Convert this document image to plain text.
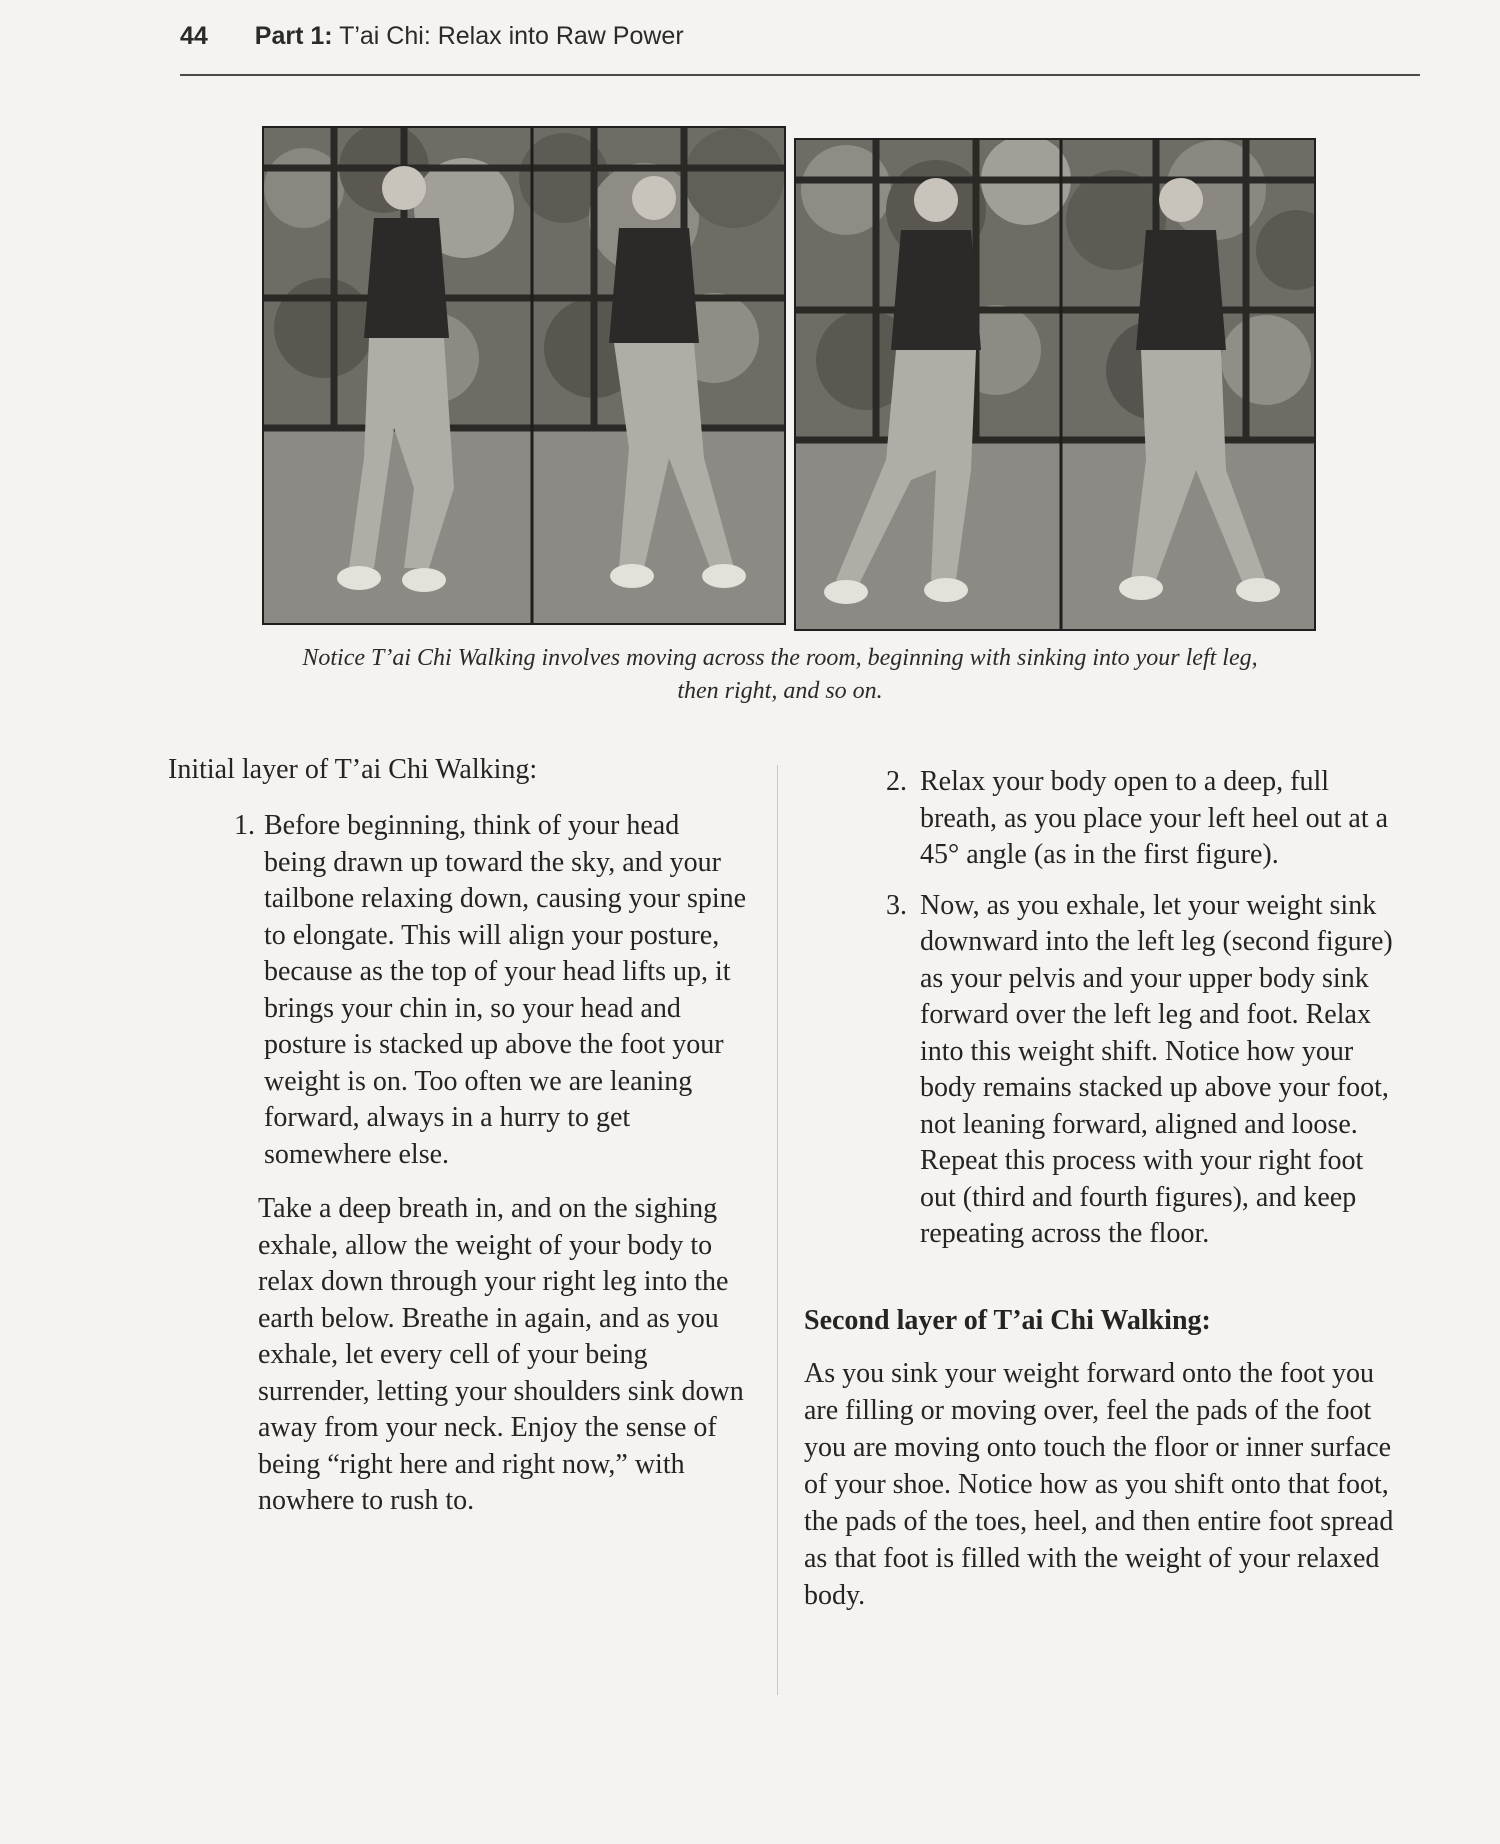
44 Part 1: T’ai Chi: Relax into Raw Power
Notice T’ai Chi Walking involves moving across the room, beginning with sinking into your left leg,
then right, and so on.

Initial layer of T’ai Chi Walking:

1. Before beginning, think of your head being drawn up toward the sky, and your tailbone relaxing down, causing your spine to elongate. This will align your posture, because as the top of your head lifts up, it brings your chin in, so your head and posture is stacked up above the foot your weight is on. Too often we are leaning forward, always in a hurry to get somewhere else.

Take a deep breath in, and on the sighing exhale, allow the weight of your body to relax down through your right leg into the earth below. Breathe in again, and as you exhale, let every cell of your being surrender, letting your shoulders sink down away from your neck. Enjoy the sense of being “right here and right now,” with nowhere to rush to.

2. Relax your body open to a deep, full breath, as you place your left heel out at a 45° angle (as in the first figure).
3. Now, as you exhale, let your weight sink downward into the left leg (second figure) as your pelvis and your upper body sink forward over the left leg and foot. Relax into this weight shift. Notice how your body remains stacked up above your foot, not leaning forward, aligned and loose. Repeat this process with your right foot out (third and fourth figures), and keep repeating across the floor.
Second layer of T’ai Chi Walking:

As you sink your weight forward onto the foot you are filling or moving over, feel the pads of the foot you are moving onto touch the floor or inner surface of your shoe. Notice how as you shift onto that foot, the pads of the toes, heel, and then entire foot spread as that foot is filled with the weight of your relaxed body.
